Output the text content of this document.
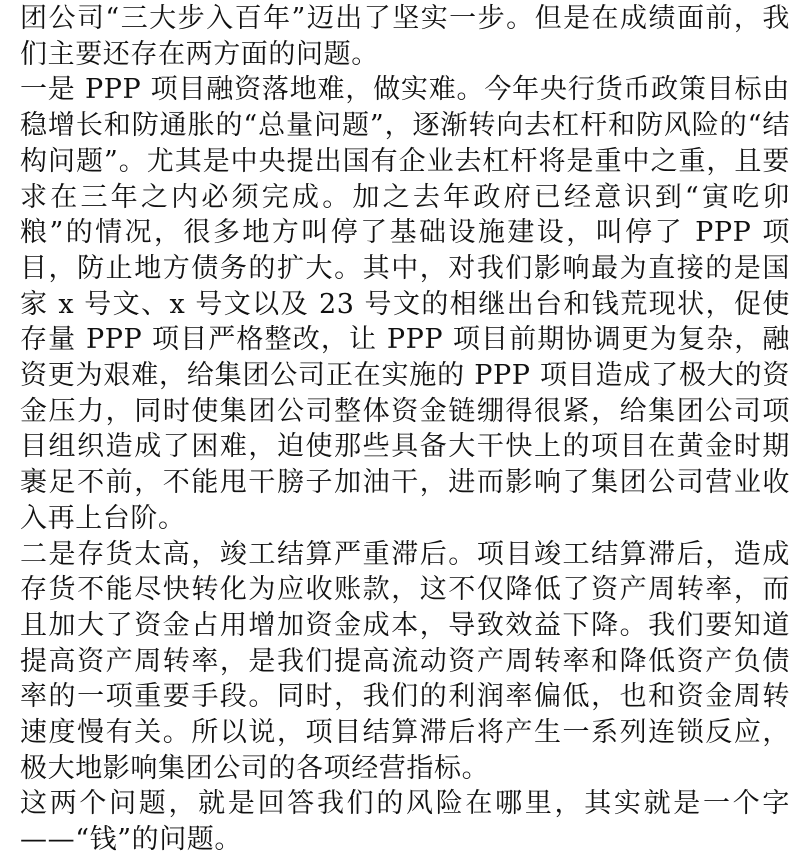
团公司“三大步入百年”迈出了坚实一步。但是在成绩面前，我们主要还存在两方面的问题。

一是 PPP 项目融资落地难，做实难。今年央行货币政策目标由稳增长和防通胀的“总量问题”，逐渐转向去杠杆和防风险的“结构问题”。尤其是中央提出国有企业去杠杆将是重中之重，且要求在三年之内必须完成。加之去年政府已经意识到“寅吃卯粮”的情况，很多地方叫停了基础设施建设，叫停了 PPP 项目，防止地方债务的扩大。其中，对我们影响最为直接的是国家 x 号文、x 号文以及 23 号文的相继出台和钱荒现状，促使存量 PPP 项目严格整改，让 PPP 项目前期协调更为复杂，融资更为艰难，给集团公司正在实施的 PPP 项目造成了极大的资金压力，同时使集团公司整体资金链绷得很紧，给集团公司项目组织造成了困难，迫使那些具备大干快上的项目在黄金时期裹足不前，不能甩干膀子加油干，进而影响了集团公司营业收入再上台阶。

二是存货太高，竣工结算严重滞后。项目竣工结算滞后，造成存货不能尽快转化为应收账款，这不仅降低了资产周转率，而且加大了资金占用增加资金成本，导致效益下降。我们要知道提高资产周转率，是我们提高流动资产周转率和降低资产负债率的一项重要手段。同时，我们的利润率偏低，也和资金周转速度慢有关。所以说，项目结算滞后将产生一系列连锁反应，极大地影响集团公司的各项经营指标。

这两个问题，就是回答我们的风险在哪里，其实就是一个字——“钱”的问题。
